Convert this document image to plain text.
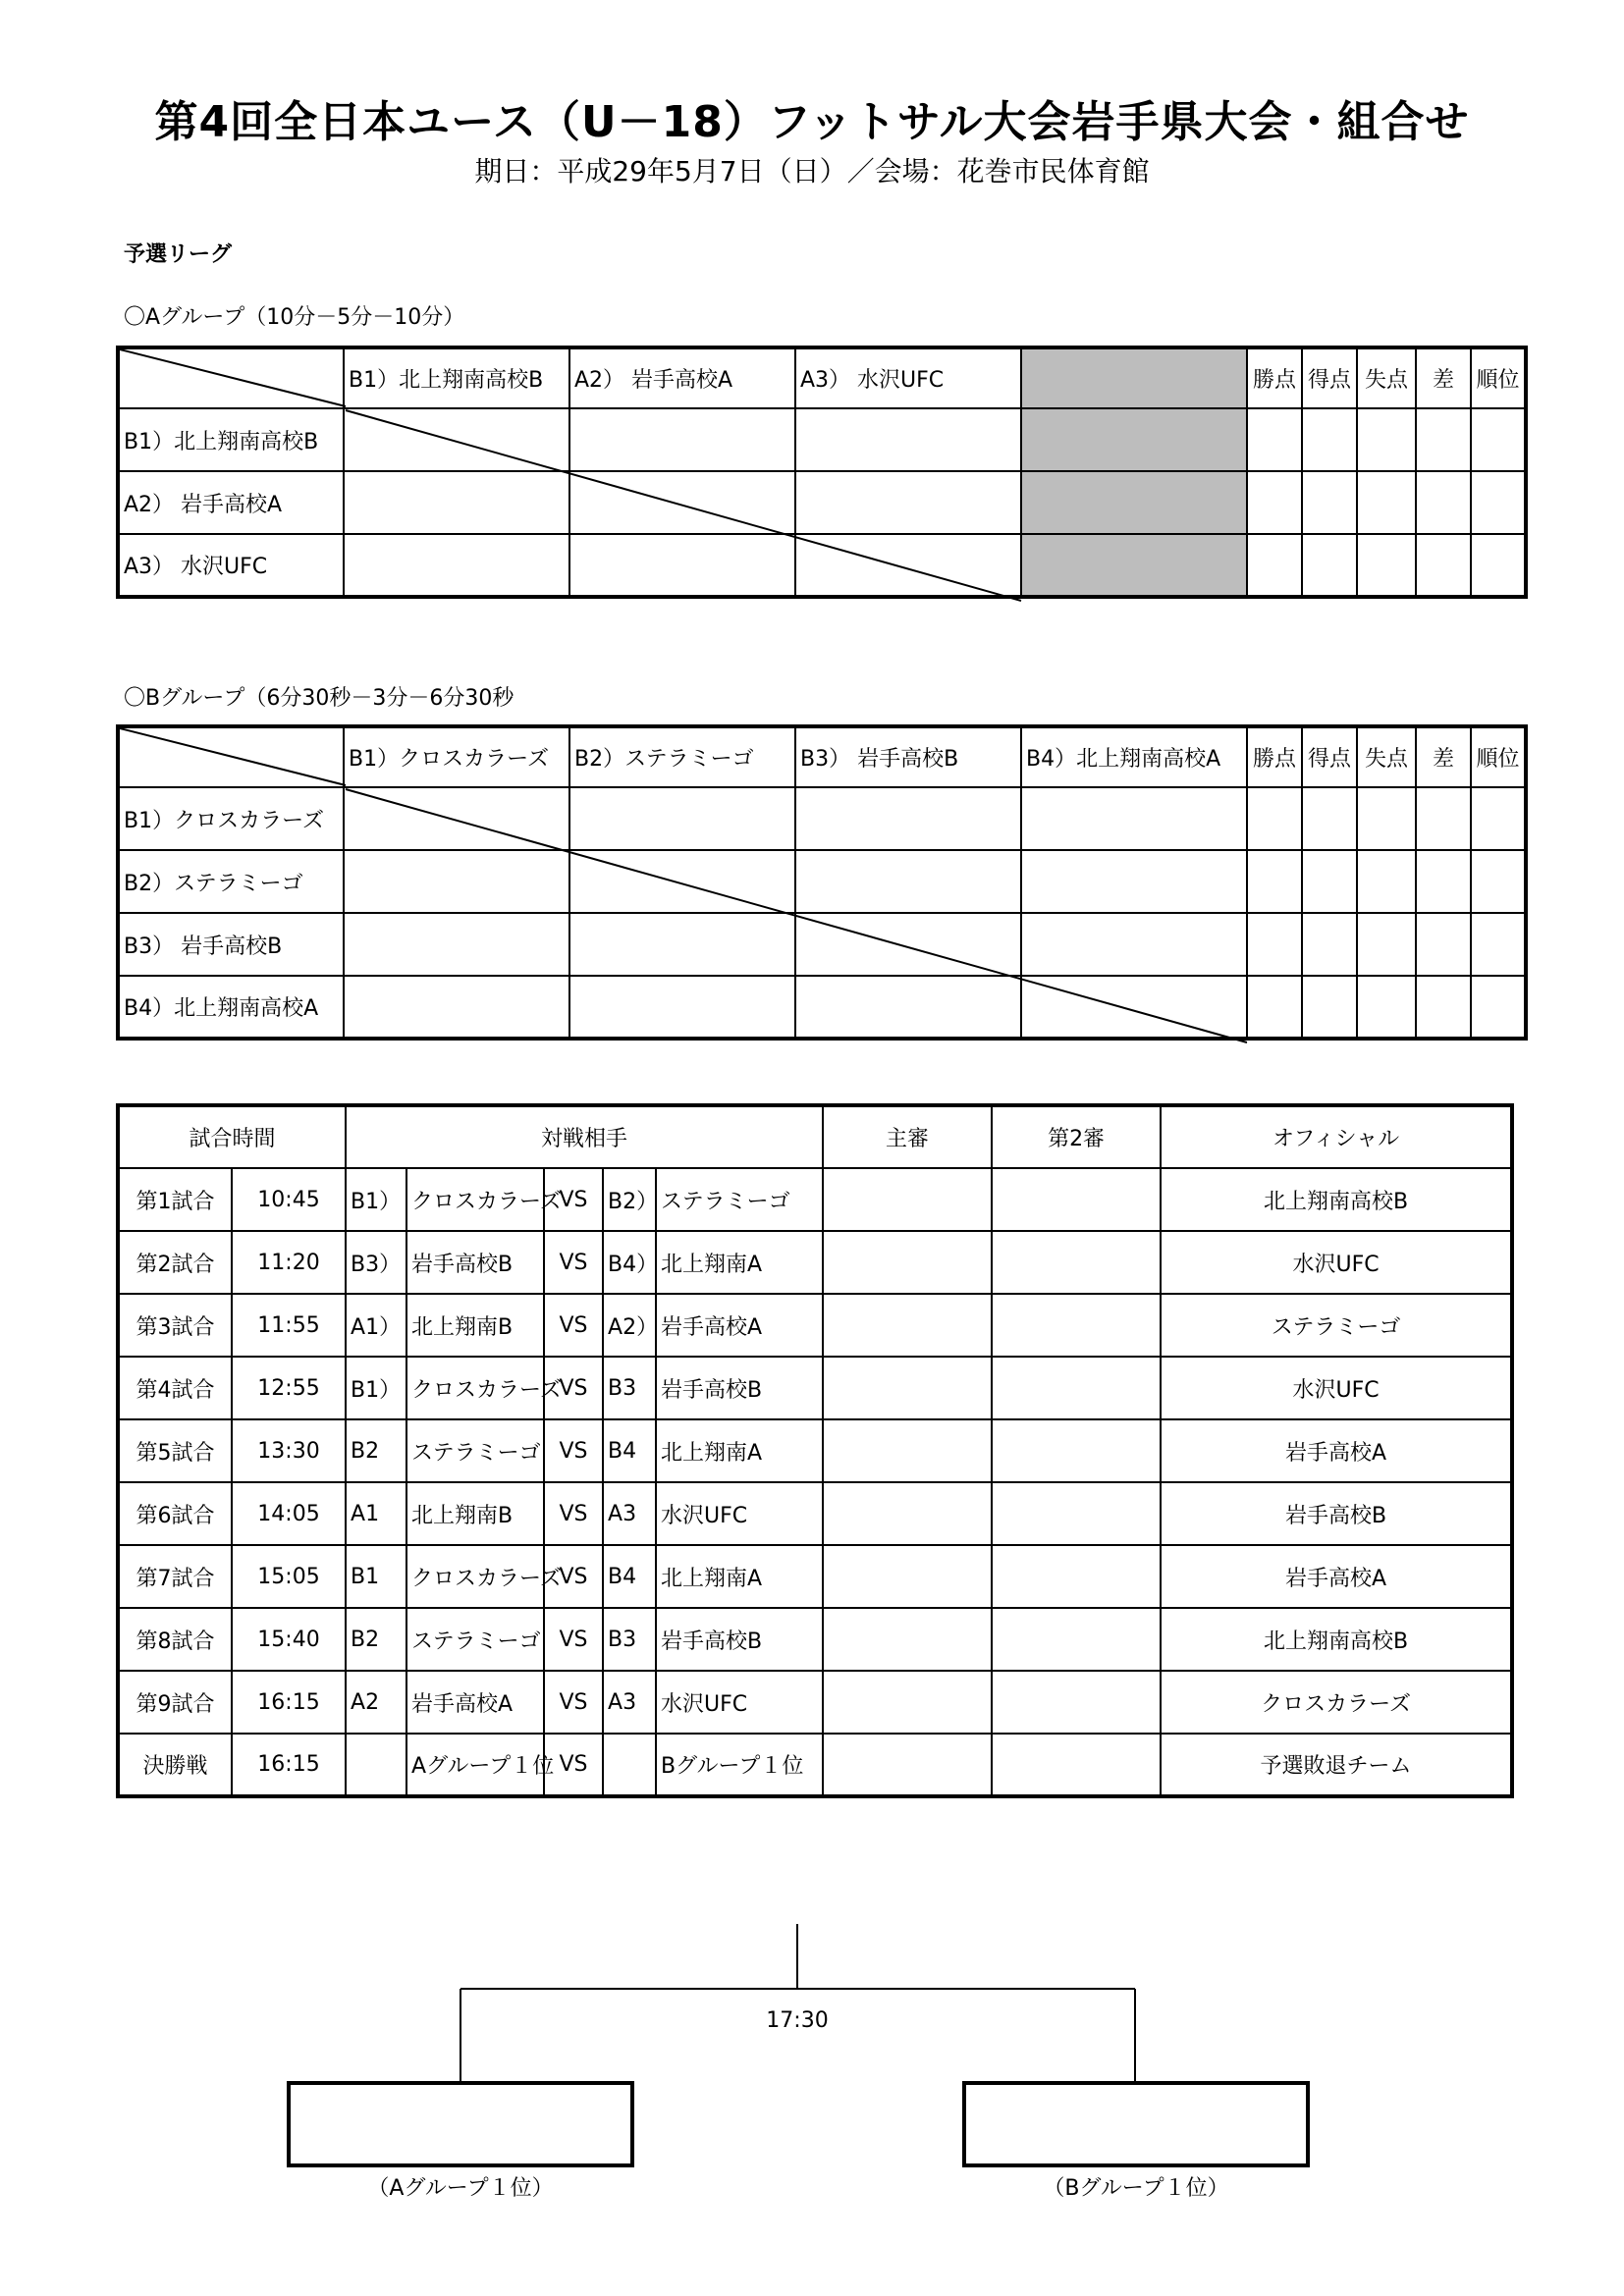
第4回全日本ユース（U－18）フットサル大会岩手県大会・組合せ
期日：平成29年5月7日（日）／会場：花巻市民体育館
予選リーグ
〇Aグループ（10分－5分－10分）
	B1）北上翔南高校B	A2） 岩手高校A	A3） 水沢UFC		勝点	得点	失点	差	順位
B1）北上翔南高校B									
A2） 岩手高校A									
A3） 水沢UFC									
〇Bグループ（6分30秒－3分－6分30秒
	B1）クロスカラーズ	B2）ステラミーゴ	B3） 岩手高校B	B4）北上翔南高校A	勝点	得点	失点	差	順位
B1）クロスカラーズ									
B2）ステラミーゴ									
B3） 岩手高校B									
B4）北上翔南高校A									
試合時間		対戦相手					主審	第2審	オフィシャル
第1試合	10:45	B1）	クロスカラーズ	VS	B2）	ステラミーゴ			北上翔南高校B
第2試合	11:20	B3）	岩手高校B	VS	B4）	北上翔南A			水沢UFC
第3試合	11:55	A1）	北上翔南B	VS	A2）	岩手高校A			ステラミーゴ
第4試合	12:55	B1）	クロスカラーズ	VS	B3	岩手高校B			水沢UFC
第5試合	13:30	B2	ステラミーゴ	VS	B4	北上翔南A			岩手高校A
第6試合	14:05	A1	北上翔南B	VS	A3	水沢UFC			岩手高校B
第7試合	15:05	B1	クロスカラーズ	VS	B4	北上翔南A			岩手高校A
第8試合	15:40	B2	ステラミーゴ	VS	B3	岩手高校B			北上翔南高校B
第9試合	16:15	A2	岩手高校A	VS	A3	水沢UFC			クロスカラーズ
決勝戦	16:15		Aグループ１位	VS		Bグループ１位			予選敗退チーム
17:30
（Aグループ１位）	（Bグループ１位）
